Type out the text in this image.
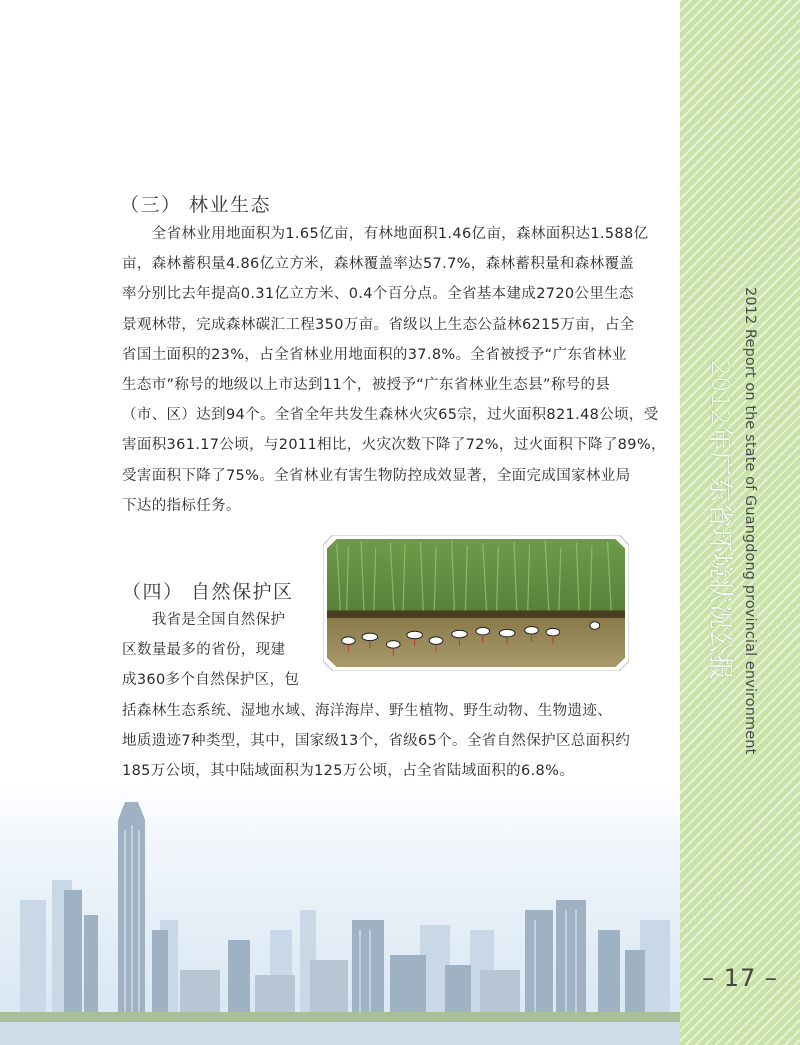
2012 Report on the state of Guangdong provincial environment
2012年广东省环境状况公报
– 17 –
（三） 林业生态

　　全省林业用地面积为1.65亿亩，有林地面积1.46亿亩，森林面积达1.588亿
亩，森林蓄积量4.86亿立方米，森林覆盖率达57.7%，森林蓄积量和森林覆盖
率分别比去年提高0.31亿立方米、0.4个百分点。全省基本建成2720公里生态
景观林带，完成森林碳汇工程350万亩。省级以上生态公益林6215万亩，占全
省国土面积的23%，占全省林业用地面积的37.8%。全省被授予“广东省林业
生态市”称号的地级以上市达到11个，被授予“广东省林业生态县”称号的县
（市、区）达到94个。全省全年共发生森林火灾65宗，过火面积821.48公顷，受
害面积361.17公顷，与2011相比，火灾次数下降了72%，过火面积下降了89%，
受害面积下降了75%。全省林业有害生物防控成效显著，全面完成国家林业局
下达的指标任务。

（四） 自然保护区

　　我省是全国自然保护
区数量最多的省份，现建
成360多个自然保护区，包

括森林生态系统、湿地水域、海洋海岸、野生植物、野生动物、生物遗迹、
地质遗迹7种类型，其中，国家级13个，省级65个。全省自然保护区总面积约
185万公顷，其中陆域面积为125万公顷，占全省陆域面积的6.8%。
